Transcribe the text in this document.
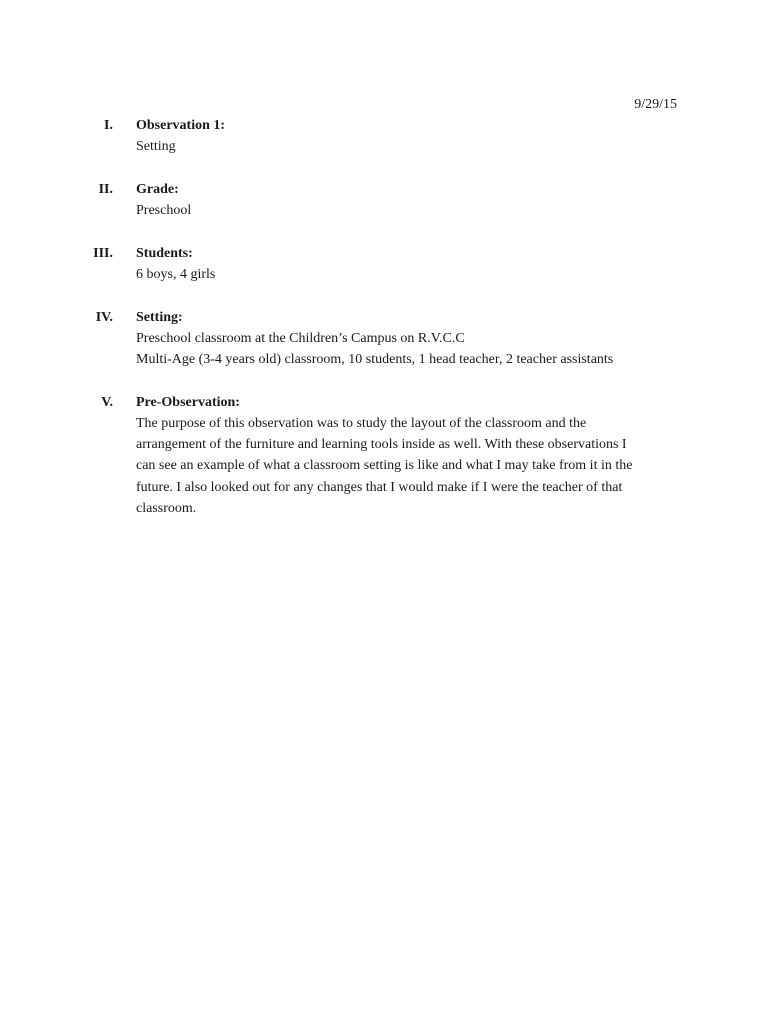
9/29/15
I. Observation 1:
Setting
II. Grade:
Preschool
III. Students:
6 boys, 4 girls
IV. Setting:
Preschool classroom at the Children’s Campus on R.V.C.C
Multi-Age (3-4 years old) classroom, 10 students, 1 head teacher, 2 teacher assistants
V. Pre-Observation:
The purpose of this observation was to study the layout of the classroom and the
arrangement of the furniture and learning tools inside as well. With these observations I
can see an example of what a classroom setting is like and what I may take from it in the
future. I also looked out for any changes that I would make if I were the teacher of that
classroom.
